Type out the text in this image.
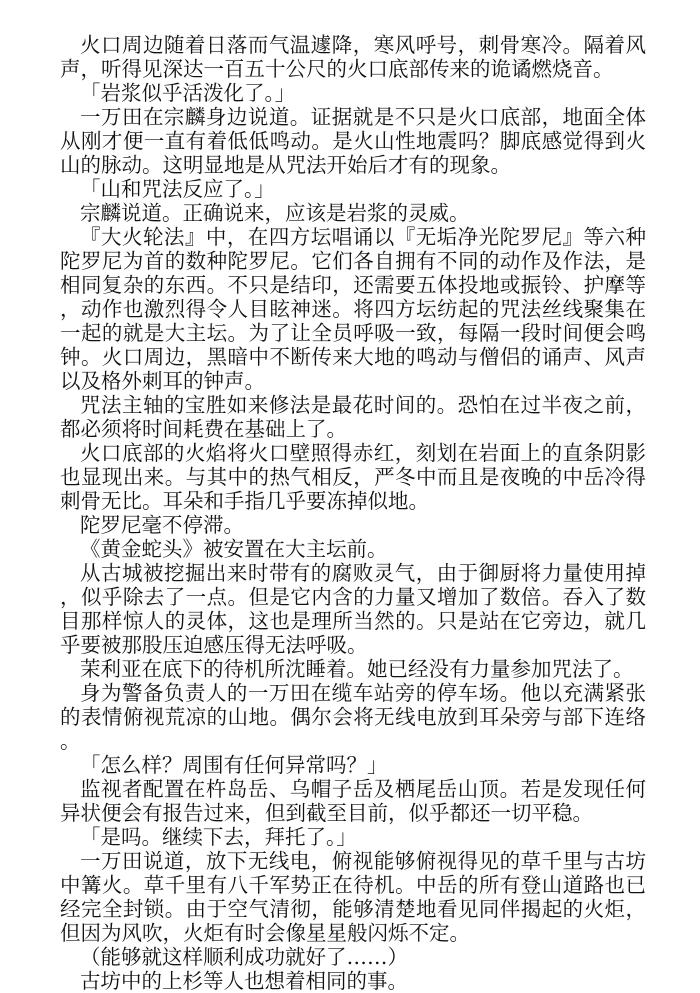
火口周边随着日落而气温遽降，寒风呼号，刺骨寒冷。隔着风声，听得见深达一百五十公尺的火口底部传来的诡谲燃烧音。

「岩浆似乎活泼化了。」

一万田在宗麟身边说道。证据就是不只是火口底部，地面全体从刚才便一直有着低低鸣动。是火山性地震吗？脚底感觉得到火山的脉动。这明显地是从咒法开始后才有的现象。

「山和咒法反应了。」

宗麟说道。正确说来，应该是岩浆的灵威。

『大火轮法』中，在四方坛唱诵以『无垢净光陀罗尼』等六种陀罗尼为首的数种陀罗尼。它们各自拥有不同的动作及作法，是相同复杂的东西。不只是结印，还需要五体投地或振铃、护摩等，动作也激烈得令人目眩神迷。将四方坛纺起的咒法丝线聚集在一起的就是大主坛。为了让全员呼吸一致，每隔一段时间便会鸣钟。火口周边，黑暗中不断传来大地的鸣动与僧侣的诵声、风声以及格外刺耳的钟声。

咒法主轴的宝胜如来修法是最花时间的。恐怕在过半夜之前，都必须将时间耗费在基础上了。

火口底部的火焰将火口壁照得赤红，刻划在岩面上的直条阴影也显现出来。与其中的热气相反，严冬中而且是夜晚的中岳冷得刺骨无比。耳朵和手指几乎要冻掉似地。

陀罗尼毫不停滞。

《黄金蛇头》被安置在大主坛前。

从古城被挖掘出来时带有的腐败灵气，由于御厨将力量使用掉，似乎除去了一点。但是它内含的力量又增加了数倍。吞入了数目那样惊人的灵体，这也是理所当然的。只是站在它旁边，就几乎要被那股压迫感压得无法呼吸。

茉利亚在底下的待机所沈睡着。她已经没有力量参加咒法了。

身为警备负责人的一万田在缆车站旁的停车场。他以充满紧张的表情俯视荒凉的山地。偶尔会将无线电放到耳朵旁与部下连络。

「怎么样？周围有任何异常吗？」

监视者配置在杵岛岳、乌帽子岳及栖尾岳山顶。若是发现任何异状便会有报告过来，但到截至目前，似乎都还一切平稳。

「是吗。继续下去，拜托了。」

一万田说道，放下无线电，俯视能够俯视得见的草千里与古坊中篝火。草千里有八千军势正在待机。中岳的所有登山道路也已经完全封锁。由于空气清彻，能够清楚地看见同伴揭起的火炬，但因为风吹，火炬有时会像星星般闪烁不定。

（能够就这样顺利成功就好了……）

古坊中的上杉等人也想着相同的事。
